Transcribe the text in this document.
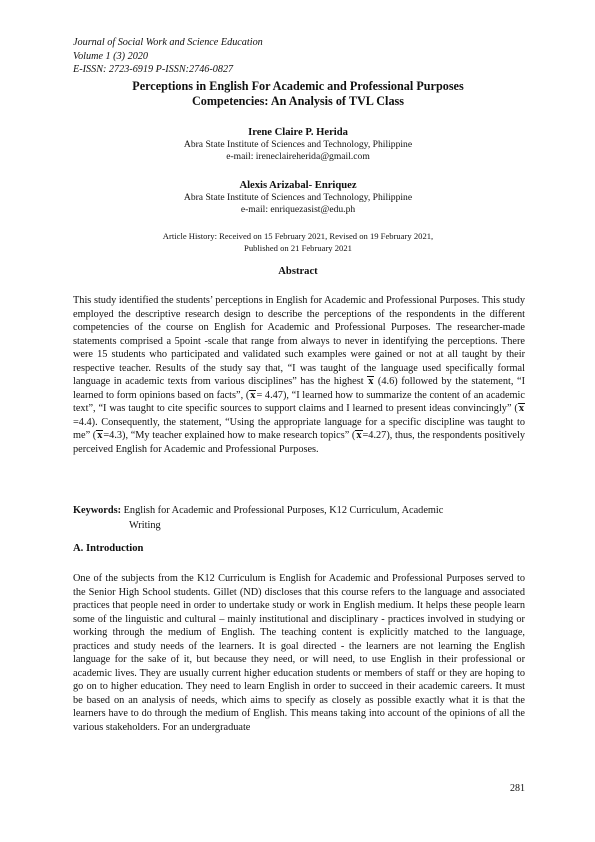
Journal of Social Work and Science Education
Volume 1 (3) 2020
E-ISSN: 2723-6919 P-ISSN:2746-0827
Perceptions in English For Academic and Professional Purposes
Competencies: An Analysis of TVL Class
Irene Claire P. Herida
Abra State Institute of Sciences and Technology, Philippine
e-mail: ireneclaireherida@gmail.com
Alexis Arizabal- Enriquez
Abra State Institute of Sciences and Technology, Philippine
e-mail: enriquezasist@edu.ph
Article History: Received on 15 February 2021, Revised on 19 February 2021,
Published on 21 February 2021
Abstract
This study identified the students’ perceptions in English for Academic and Professional Purposes. This study employed the descriptive research design to describe the perceptions of the respondents in the different competencies of the course on English for Academic and Professional Purposes. The researcher-made statements comprised a 5point -scale that range from always to never in identifying the perceptions. There were 15 students who participated and validated such examples were gained or not at all taught by their respective teacher. Results of the study say that, “I was taught of the language used specifically formal language in academic texts from various disciplines” has the highest x (4.6) followed by the statement, “I learned to form opinions based on facts”, (x= 4.47), “I learned how to summarize the content of an academic text”, “I was taught to cite specific sources to support claims and I learned to present ideas convincingly” (x=4.4). Consequently, the statement, “Using the appropriate language for a specific discipline was taught to me” (x=4.3), “My teacher explained how to make research topics” (x=4.27), thus, the respondents positively perceived English for Academic and Professional Purposes.
Keywords: English for Academic and Professional Purposes, K12 Curriculum, Academic
Writing
A. Introduction
One of the subjects from the K12 Curriculum is English for Academic and Professional Purposes served to the Senior High School students. Gillet (ND) discloses that this course refers to the language and associated practices that people need in order to undertake study or work in English medium. It helps these people learn some of the linguistic and cultural – mainly institutional and disciplinary - practices involved in studying or working through the medium of English. The teaching content is explicitly matched to the language, practices and study needs of the learners. It is goal directed - the learners are not learning the English language for the sake of it, but because they need, or will need, to use English in their professional or academic lives. They are usually current higher education students or members of staff or they are hoping to go on to higher education. They need to learn English in order to succeed in their academic careers. It must be based on an analysis of needs, which aims to specify as closely as possible exactly what it is that the learners have to do through the medium of English. This means taking into account of the opinions of all the various stakeholders. For an undergraduate
281
